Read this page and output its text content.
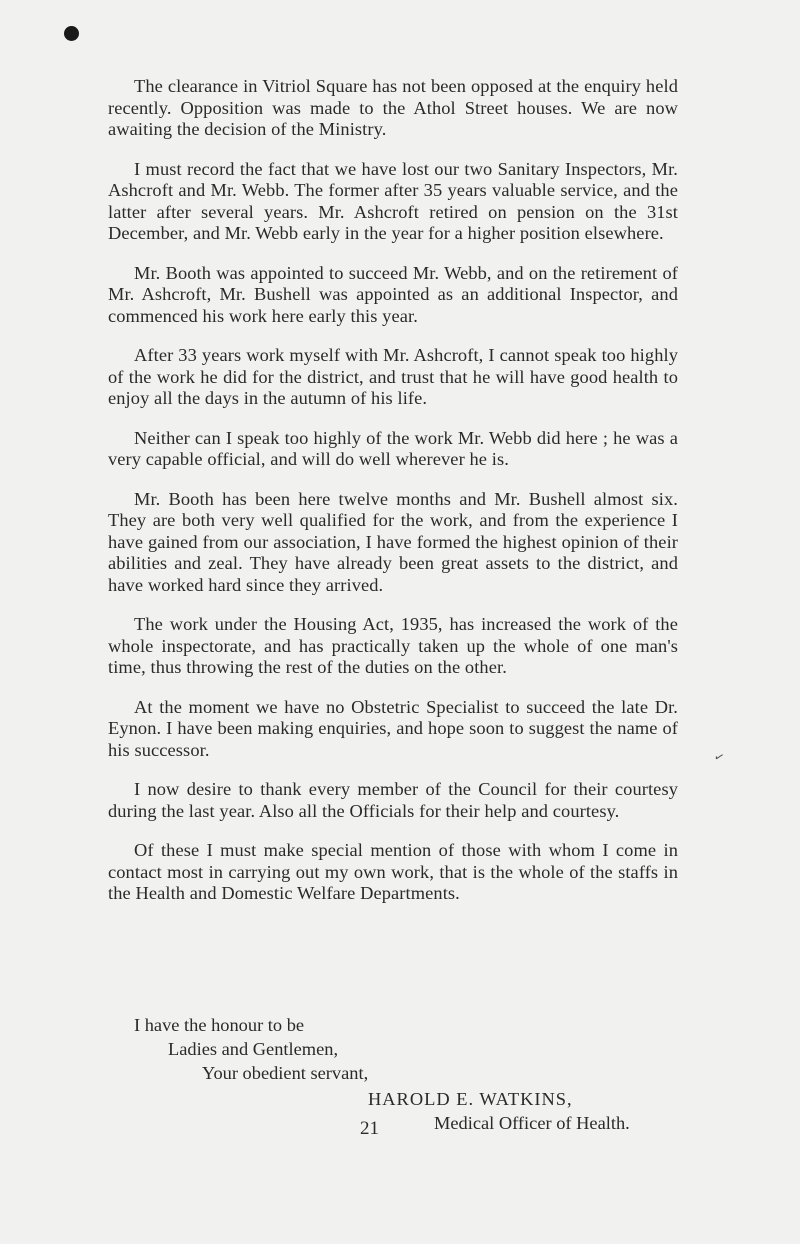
✓

The clearance in Vitriol Square has not been opposed at the enquiry held recently. Opposition was made to the Athol Street houses. We are now awaiting the decision of the Ministry.

I must record the fact that we have lost our two Sanitary Inspectors, Mr. Ashcroft and Mr. Webb. The former after 35 years valuable service, and the latter after several years. Mr. Ashcroft retired on pension on the 31st December, and Mr. Webb early in the year for a higher position elsewhere.

Mr. Booth was appointed to succeed Mr. Webb, and on the retirement of Mr. Ashcroft, Mr. Bushell was appointed as an additional Inspector, and commenced his work here early this year.

After 33 years work myself with Mr. Ashcroft, I cannot speak too highly of the work he did for the district, and trust that he will have good health to enjoy all the days in the autumn of his life.

Neither can I speak too highly of the work Mr. Webb did here ; he was a very capable official, and will do well wherever he is.

Mr. Booth has been here twelve months and Mr. Bushell almost six. They are both very well qualified for the work, and from the experience I have gained from our association, I have formed the highest opinion of their abilities and zeal. They have already been great assets to the district, and have worked hard since they arrived.

The work under the Housing Act, 1935, has increased the work of the whole inspectorate, and has practically taken up the whole of one man's time, thus throwing the rest of the duties on the other.

At the moment we have no Obstetric Specialist to succeed the late Dr. Eynon. I have been making enquiries, and hope soon to suggest the name of his successor.

I now desire to thank every member of the Council for their courtesy during the last year. Also all the Officials for their help and courtesy.

Of these I must make special mention of those with whom I come in contact most in carrying out my own work, that is the whole of the staffs in the Health and Domestic Welfare Departments.

I have the honour to be
Ladies and Gentlemen,
Your obedient servant,
HAROLD E. WATKINS,
Medical Officer of Health.
21
